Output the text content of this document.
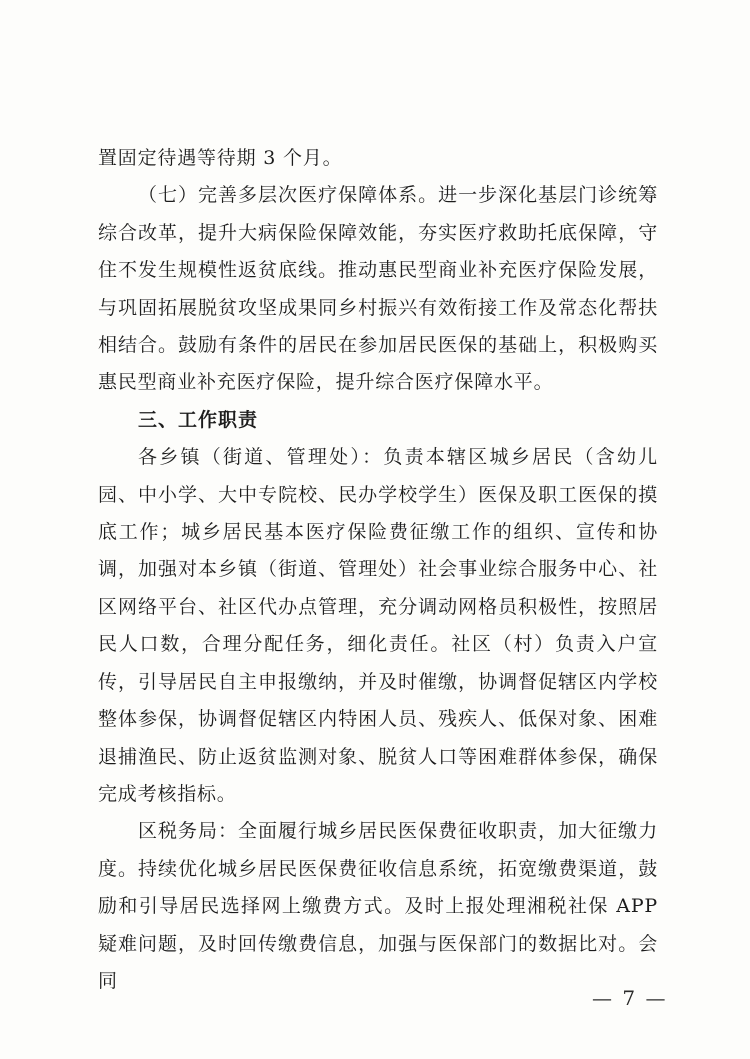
置固定待遇等待期 3 个月。

（七）完善多层次医疗保障体系。进一步深化基层门诊统筹综合改革，提升大病保险保障效能，夯实医疗救助托底保障，守住不发生规模性返贫底线。推动惠民型商业补充医疗保险发展，与巩固拓展脱贫攻坚成果同乡村振兴有效衔接工作及常态化帮扶相结合。鼓励有条件的居民在参加居民医保的基础上，积极购买惠民型商业补充医疗保险，提升综合医疗保障水平。

三、工作职责

各乡镇（街道、管理处）：负责本辖区城乡居民（含幼儿园、中小学、大中专院校、民办学校学生）医保及职工医保的摸底工作；城乡居民基本医疗保险费征缴工作的组织、宣传和协调，加强对本乡镇（街道、管理处）社会事业综合服务中心、社区网络平台、社区代办点管理，充分调动网格员积极性，按照居民人口数，合理分配任务，细化责任。社区（村）负责入户宣传，引导居民自主申报缴纳，并及时催缴，协调督促辖区内学校整体参保，协调督促辖区内特困人员、残疾人、低保对象、困难退捕渔民、防止返贫监测对象、脱贫人口等困难群体参保，确保完成考核指标。

区税务局：全面履行城乡居民医保费征收职责，加大征缴力度。持续优化城乡居民医保费征收信息系统，拓宽缴费渠道，鼓励和引导居民选择网上缴费方式。及时上报处理湘税社保 APP 疑难问题，及时回传缴费信息，加强与医保部门的数据比对。会同

— 7 —
